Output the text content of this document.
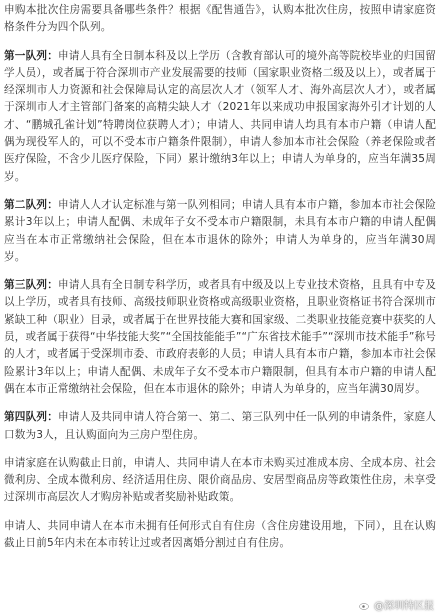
申购本批次住房需要具备哪些条件？根据《配售通告》，认购本批次住房，按照申请家庭资格条件分为四个队列。

第一队列：申请人具有全日制本科及以上学历（含教育部认可的境外高等院校毕业的归国留学人员），或者属于符合深圳市产业发展需要的技师（国家职业资格二级及以上），或者属于经深圳市人力资源和社会保障局认定的高层次人才（领军人才、海外高层次人才），或者属于深圳市人才主管部门备案的高精尖缺人才（2021年以来成功申报国家海外引才计划的人才、“鹏城孔雀计划”特聘岗位获聘人才）；申请人、共同申请人均具有本市户籍（申请人配偶为现役军人的，可以不受本市户籍条件限制），申请人参加本市社会保险（养老保险或者医疗保险，不含少儿医疗保险，下同）累计缴纳3年以上；申请人为单身的，应当年满35周岁。

第二队列：申请人人才认定标准与第一队列相同；申请人具有本市户籍，参加本市社会保险累计3年以上；申请人配偶、未成年子女不受本市户籍限制，未具有本市户籍的申请人配偶应当在本市正常缴纳社会保险，但在本市退休的除外；申请人为单身的，应当年满30周岁。

第三队列：申请人具有全日制专科学历，或者具有中级及以上专业技术资格，且具有中专及以上学历，或者具有技师、高级技师职业资格或高级职业资格，且职业资格证书符合深圳市紧缺工种（职业）目录，或者属于在世界技能大赛和国家级、二类职业技能竞赛中获奖的人员，或者属于获得“中华技能大奖”“全国技能能手”“广东省技术能手”“深圳市技术能手”称号的人才，或者属于受深圳市委、市政府表彰的人员；申请人具有本市户籍，参加本市社会保险累计3年以上；申请人配偶、未成年子女不受本市户籍限制，但具有本市户籍的申请人配偶在本市正常缴纳社会保险，但在本市退休的除外；申请人为单身的，应当年满30周岁。

第四队列：申请人及共同申请人符合第一、第二、第三队列中任一队列的申请条件，家庭人口数为3人，且认购面向为三房户型住房。

申请家庭在认购截止日前，申请人、共同申请人在本市未购买过准成本房、全成本房、社会微利房、全成本微利房、经济适用住房、限价商品房、安居型商品房等政策性住房，未享受过深圳市高层次人才购房补贴或者奖励补贴政策。

申请人、共同申请人在本市未拥有任何形式自有住房（含住房建设用地，下同），且在认购截止日前5年内未在本市转让过或者因离婚分割过自有住房。

@深圳特区报
